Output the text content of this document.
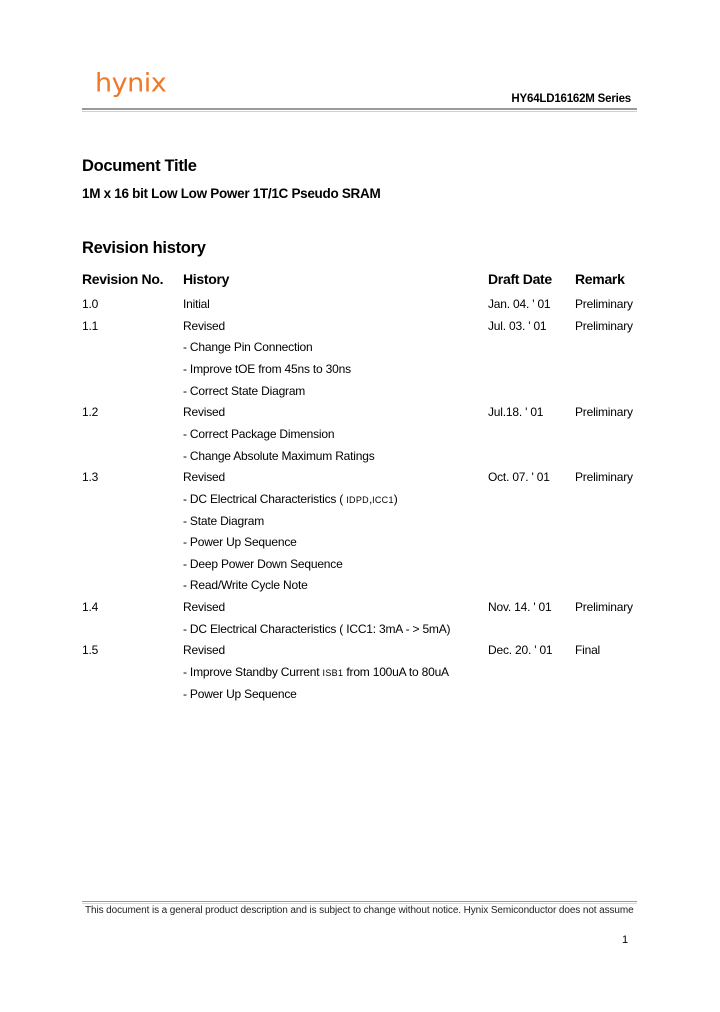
hynix
HY64LD16162M Series
Document Title
1M x 16 bit Low Low Power 1T/1C Pseudo SRAM
Revision history
Revision No. History	Draft Date Remark
1.0	Initial	Jan. 04. ' 01 Preliminary
1.1	Revised	Jul. 03. ' 01 Preliminary
- Change Pin Connection
- Improve tOE from 45ns to 30ns
- Correct State Diagram
1.2	Revised	Jul.18. ' 01	Preliminary
- Correct Package Dimension
- Change Absolute Maximum Ratings
1.3	Revised	Oct. 07. ' 01 Preliminary
- DC Electrical Characteristics ( IDPD,ICC1)
- State Diagram
- Power Up Sequence
- Deep Power Down Sequence
- Read/Write Cycle Note
1.4	Revised	Nov. 14. ' 01 Preliminary
- DC Electrical Characteristics ( ICC1: 3mA - > 5mA)
1.5	Revised	Dec. 20. ' 01 Final
- Improve Standby Current ISB1 from 100uA to 80uA
- Power Up Sequence
This document is a general product description and is subject to change without notice. Hynix Semiconductor does not assume
1
